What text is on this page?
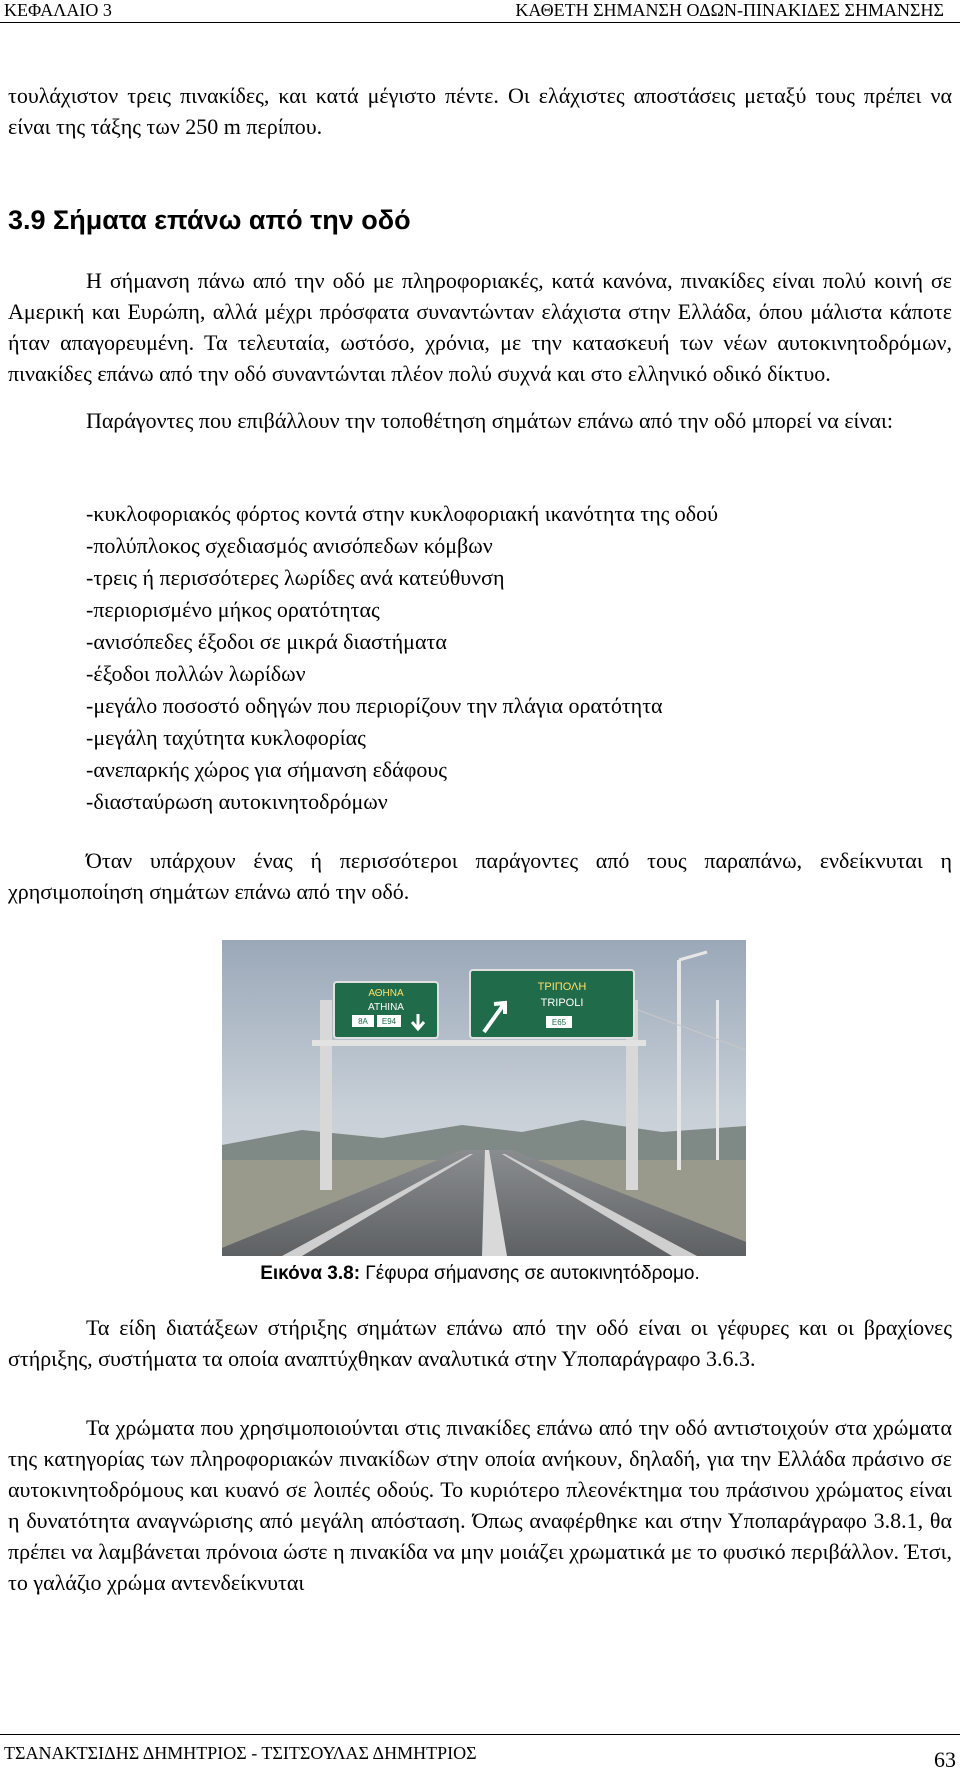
ΚΕΦΑΛΑΙΟ 3	ΚΑΘΕΤΗ ΣΗΜΑΝΣΗ ΟΔΩΝ-ΠΙΝΑΚΙΔΕΣ ΣΗΜΑΝΣΗΣ

τουλάχιστον τρεις πινακίδες, και κατά μέγιστο πέντε. Οι ελάχιστες αποστάσεις μεταξύ τους πρέπει να είναι της τάξης των 250 m περίπου.

3.9 Σήματα επάνω από την οδό

Η σήμανση πάνω από την οδό με πληροφοριακές, κατά κανόνα, πινακίδες είναι πολύ κοινή σε Αμερική και Ευρώπη, αλλά μέχρι πρόσφατα συναντώνταν ελάχιστα στην Ελλάδα, όπου μάλιστα κάποτε ήταν απαγορευμένη. Τα τελευταία, ωστόσο, χρόνια, με την κατασκευή των νέων αυτοκινητοδρόμων, πινακίδες επάνω από την οδό συναντώνται πλέον πολύ συχνά και στο ελληνικό οδικό δίκτυο.

Παράγοντες που επιβάλλουν την τοποθέτηση σημάτων επάνω από την οδό μπορεί να είναι:

-κυκλοφοριακός φόρτος κοντά στην κυκλοφοριακή ικανότητα της οδού
-πολύπλοκος σχεδιασμός ανισόπεδων κόμβων
-τρεις ή περισσότερες λωρίδες ανά κατεύθυνση
-περιορισμένο μήκος ορατότητας
-ανισόπεδες έξοδοι σε μικρά διαστήματα
-έξοδοι πολλών λωρίδων
-μεγάλο ποσοστό οδηγών που περιορίζουν την πλάγια ορατότητα
-μεγάλη ταχύτητα κυκλοφορίας
-ανεπαρκής χώρος για σήμανση εδάφους
-διασταύρωση αυτοκινητοδρόμων

Όταν υπάρχουν ένας ή περισσότεροι παράγοντες από τους παραπάνω, ενδείκνυται η χρησιμοποίηση σημάτων επάνω από την οδό.

ΑΘΗΝΑ
ATHINA
8A E94
ΤΡΙΠΟΛΗ
TRIPOLI
E65
Εικόνα 3.8: Γέφυρα σήμανσης σε αυτοκινητόδρομο.

Τα είδη διατάξεων στήριξης σημάτων επάνω από την οδό είναι οι γέφυρες και οι βραχίονες στήριξης, συστήματα τα οποία αναπτύχθηκαν αναλυτικά στην Υποπαράγραφο 3.6.3.

Τα χρώματα που χρησιμοποιούνται στις πινακίδες επάνω από την οδό αντιστοιχούν στα χρώματα της κατηγορίας των πληροφοριακών πινακίδων στην οποία ανήκουν, δηλαδή, για την Ελλάδα πράσινο σε αυτοκινητοδρόμους και κυανό σε λοιπές οδούς. Το κυριότερο πλεονέκτημα του πράσινου χρώματος είναι η δυνατότητα αναγνώρισης από μεγάλη απόσταση. Όπως αναφέρθηκε και στην Υποπαράγραφο 3.8.1, θα πρέπει να λαμβάνεται πρόνοια ώστε η πινακίδα να μην μοιάζει χρωματικά με το φυσικό περιβάλλον. Έτσι, το γαλάζιο χρώμα αντενδείκνυται

ΤΣΑΝΑΚΤΣΙΔΗΣ ΔΗΜΗΤΡΙΟΣ - ΤΣΙΤΣΟΥΛΑΣ ΔΗΜΗΤΡΙΟΣ	63
